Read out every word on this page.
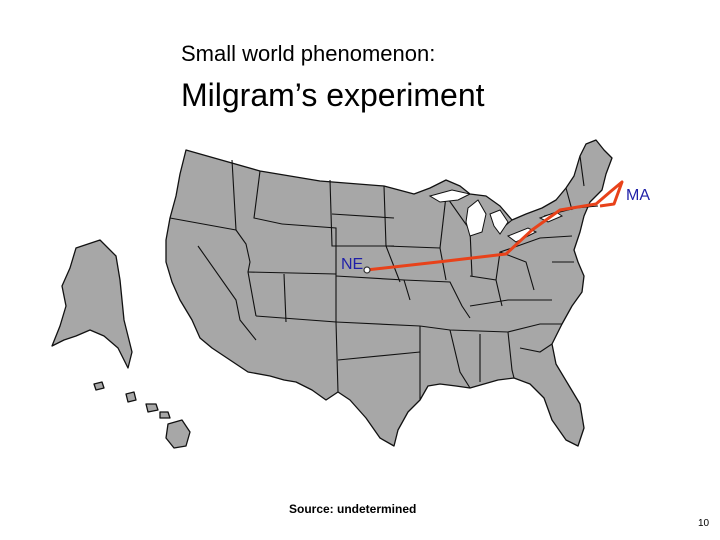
Small world phenomenon:
Milgram’s experiment
NE
MA
Source: undetermined
10
